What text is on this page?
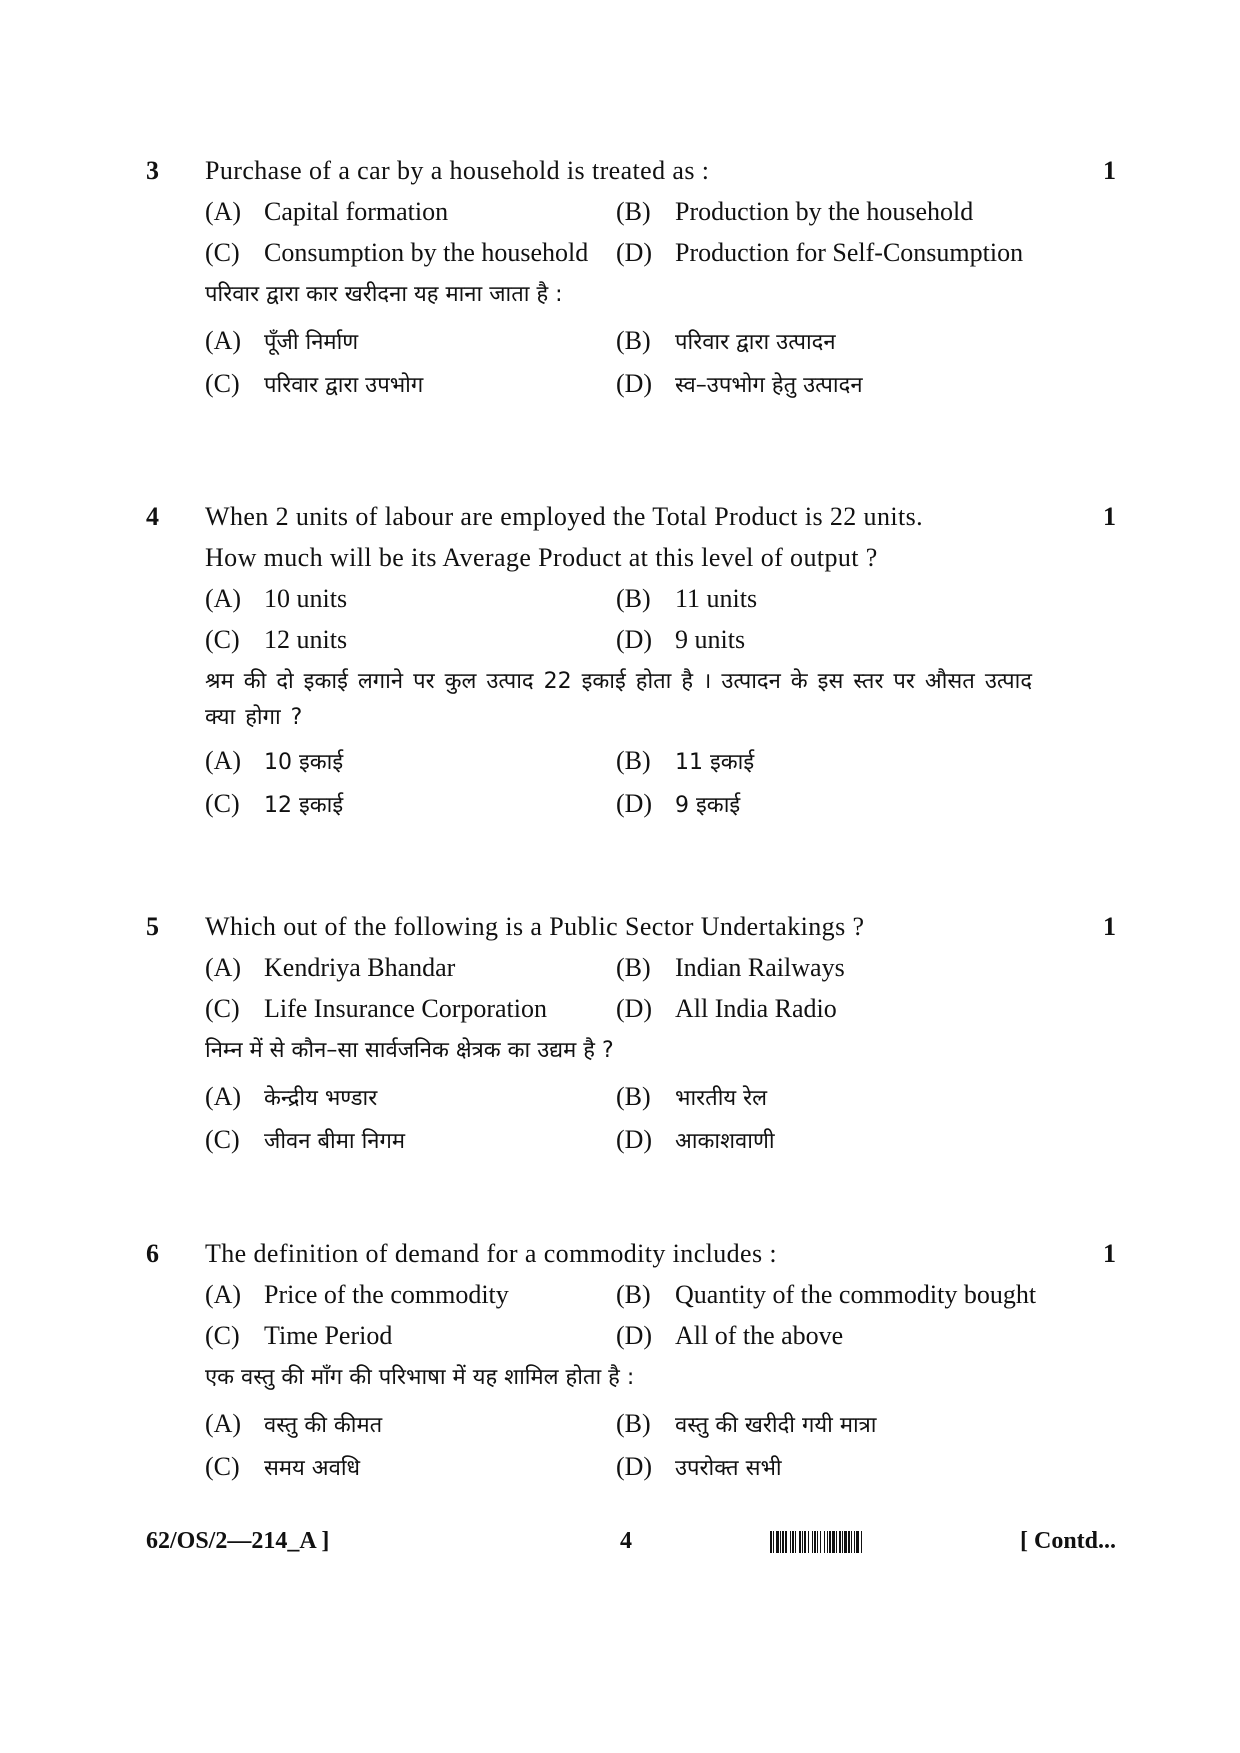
3 Purchase of a car by a household is treated as :	1
(A) Capital formation	(B) Production by the household
(C) Consumption by the household (D) Production for Self-Consumption
परिवार द्वारा कार खरीदना यह माना जाता है :
(A) पूँजी निर्माण	(B) परिवार द्वारा उत्पादन
(C) परिवार द्वारा उपभोग	(D) स्व–उपभोग हेतु उत्पादन
4 When 2 units of labour are employed the Total Product is 22 units.	1
How much will be its Average Product at this level of output ?
(A) 10 units	(B) 11 units
(C) 12 units	(D) 9 units
श्रम की दो इकाई लगाने पर कुल उत्पाद 22 इकाई होता है । उत्पादन के इस स्तर पर औसत उत्पाद क्या होगा ?
(A) 10 इकाई	(B) 11 इकाई
(C) 12 इकाई	(D) 9 इकाई
5 Which out of the following is a Public Sector Undertakings ?	1
(A) Kendriya Bhandar	(B) Indian Railways
(C) Life Insurance Corporation	(D) All India Radio
निम्न में से कौन–सा सार्वजनिक क्षेत्रक का उद्यम है ?
(A) केन्द्रीय भण्डार	(B) भारतीय रेल
(C) जीवन बीमा निगम	(D) आकाशवाणी
6 The definition of demand for a commodity includes :	1
(A) Price of the commodity	(B) Quantity of the commodity bought
(C) Time Period	(D) All of the above
एक वस्तु की माँग की परिभाषा में यह शामिल होता है :
(A) वस्तु की कीमत	(B) वस्तु की खरीदी गयी मात्रा
(C) समय अवधि	(D) उपरोक्त सभी
62/OS/2—214_A ]	4	[ Contd...
